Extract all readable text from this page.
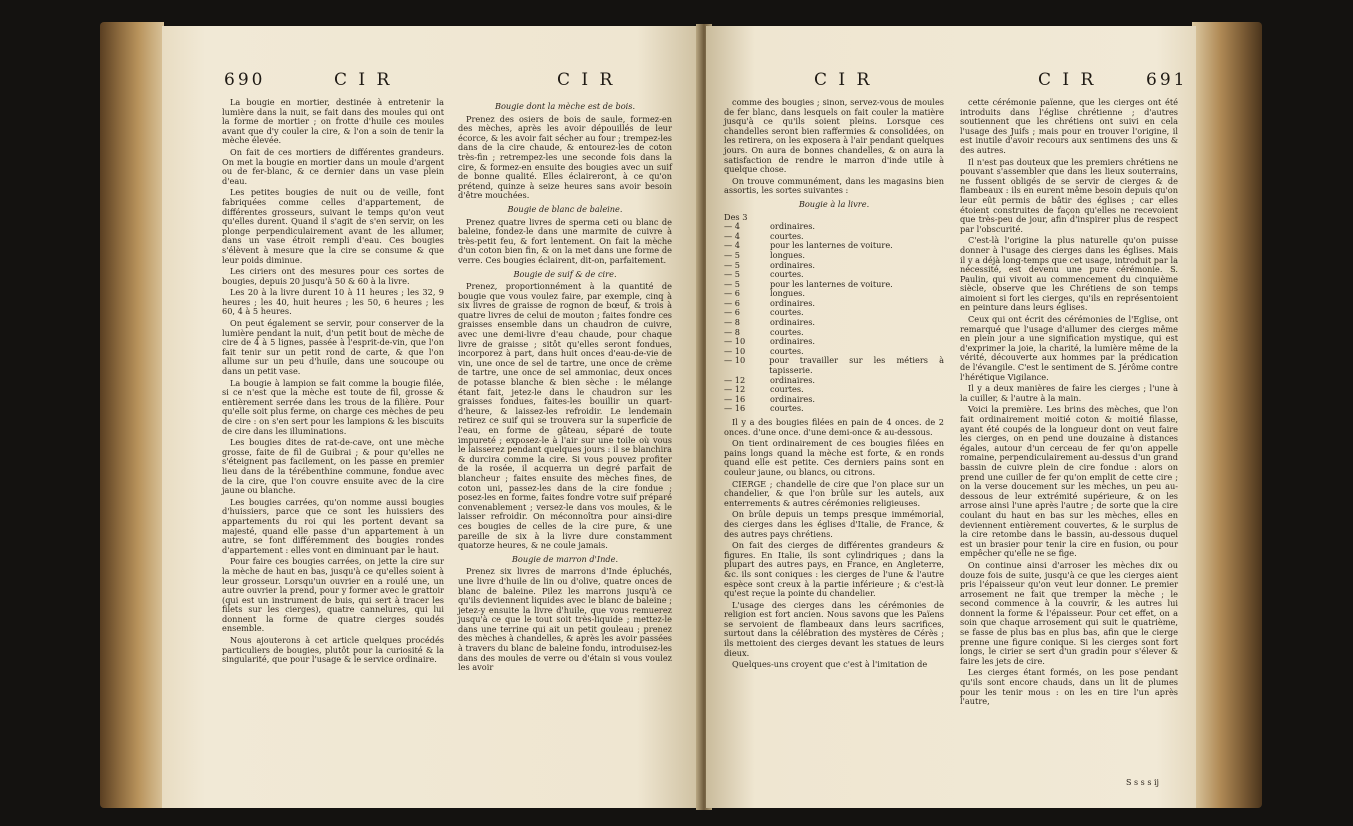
690	C I R	C I R

La bougie en mortier, destinée à entretenir la lumière dans la nuit, se fait dans des moules qui ont la forme de mortier ; on frotte d'huile ces moules avant que d'y couler la cire, & l'on a soin de tenir la mèche élevée.

On fait de ces mortiers de différentes grandeurs. On met la bougie en mortier dans un moule d'argent ou de fer-blanc, & ce dernier dans un vase plein d'eau.

Les petites bougies de nuit ou de veille, font fabriquées comme celles d'appartement, de différentes grosseurs, suivant le temps qu'on veut qu'elles durent. Quand il s'agit de s'en servir, on les plonge perpendiculairement avant de les allumer, dans un vase étroit rempli d'eau. Ces bougies s'élèvent à mesure que la cire se consume & que leur poids diminue.

Les ciriers ont des mesures pour ces sortes de bougies, depuis 20 jusqu'à 50 & 60 à la livre.

Les 20 à la livre durent 10 à 11 heures ; les 32, 9 heures ; les 40, huit heures ; les 50, 6 heures ; les 60, 4 à 5 heures.

On peut également se servir, pour conserver de la lumière pendant la nuit, d'un petit bout de mèche de cire de 4 à 5 lignes, passée à l'esprit-de-vin, que l'on fait tenir sur un petit rond de carte, & que l'on allume sur un peu d'huile, dans une soucoupe ou dans un petit vase.

La bougie à lampion se fait comme la bougie filée, si ce n'est que la mèche est toute de fil, grosse & entièrement serrée dans les trous de la filière. Pour qu'elle soit plus ferme, on charge ces mèches de peu de cire : on s'en sert pour les lampions & les biscuits de cire dans les illuminations.

Les bougies dites de rat-de-cave, ont une mèche grosse, faite de fil de Guibrai ; & pour qu'elles ne s'éteignent pas facilement, on les passe en premier lieu dans de la térébenthine commune, fondue avec de la cire, que l'on couvre ensuite avec de la cire jaune ou blanche.

Les bougies carrées, qu'on nomme aussi bougies d'huissiers, parce que ce sont les huissiers des appartements du roi qui les portent devant sa majesté, quand elle passe d'un appartement à un autre, se font différemment des bougies rondes d'appartement : elles vont en diminuant par le haut.

Pour faire ces bougies carrées, on jette la cire sur la mèche de haut en bas, jusqu'à ce qu'elles soient à leur grosseur. Lorsqu'un ouvrier en a roulé une, un autre ouvrier la prend, pour y former avec le grattoir (qui est un instrument de buis, qui sert à tracer les filets sur les cierges), quatre cannelures, qui lui donnent la forme de quatre cierges soudés ensemble.

Nous ajouterons à cet article quelques procédés particuliers de bougies, plutôt pour la curiosité & la singularité, que pour l'usage & le service ordinaire.

Bougie dont la mèche est de bois.

Prenez des osiers de bois de saule, formez-en des mèches, après les avoir dépouillés de leur écorce, & les avoir fait sécher au four ; trempez-les dans de la cire chaude, & entourez-les de coton très-fin ; retrempez-les une seconde fois dans la cire, & formez-en ensuite des bougies avec un suif de bonne qualité. Elles éclaireront, à ce qu'on prétend, quinze à seize heures sans avoir besoin d'être mouchées.

Bougie de blanc de baleine.

Prenez quatre livres de sperma ceti ou blanc de baleine, fondez-le dans une marmite de cuivre à très-petit feu, & fort lentement. On fait la mèche d'un coton bien fin, & on la met dans une forme de verre. Ces bougies éclairent, dit-on, parfaitement.

Bougie de suif & de cire.

Prenez, proportionnément à la quantité de bougie que vous voulez faire, par exemple, cinq à six livres de graisse de rognon de bœuf, & trois à quatre livres de celui de mouton ; faites fondre ces graisses ensemble dans un chaudron de cuivre, avec une demi-livre d'eau chaude, pour chaque livre de graisse ; sitôt qu'elles seront fondues, incorporez à part, dans huit onces d'eau-de-vie de vin, une once de sel de tartre, une once de crème de tartre, une once de sel ammoniac, deux onces de potasse blanche & bien sèche : le mélange étant fait, jetez-le dans le chaudron sur les graisses fondues, faites-les bouillir un quart-d'heure, & laissez-les refroidir. Le lendemain retirez ce suif qui se trouvera sur la superficie de l'eau, en forme de gâteau, séparé de toute impureté ; exposez-le à l'air sur une toile où vous le laisserez pendant quelques jours : il se blanchira & durcira comme la cire. Si vous pouvez profiter de la rosée, il acquerra un degré parfait de blancheur ; faites ensuite des mèches fines, de coton uni, passez-les dans de la cire fondue ; posez-les en forme, faites fondre votre suif préparé convenablement ; versez-le dans vos moules, & le laisser refroidir. On méconnoîtra pour ainsi-dire ces bougies de celles de la cire pure, & une pareille de six à la livre dure constamment quatorze heures, & ne coule jamais.

Bougie de marron d'Inde.

Prenez six livres de marrons d'Inde épluchés, une livre d'huile de lin ou d'olive, quatre onces de blanc de baleine. Pilez les marrons jusqu'à ce qu'ils deviennent liquides avec le blanc de baleine ; jetez-y ensuite la livre d'huile, que vous remuerez jusqu'à ce que le tout soit très-liquide ; mettez-le dans une terrine qui ait un petit gouleau ; prenez des mèches à chandelles, & après les avoir passées à travers du blanc de baleine fondu, introduisez-les dans des moules de verre ou d'étain si vous voulez les avoir

C I R	C I R	691

comme des bougies ; sinon, servez-vous de moules de fer blanc, dans lesquels on fait couler la matière jusqu'à ce qu'ils soient pleins. Lorsque ces chandelles seront bien raffermies & consolidées, on les retirera, on les exposera à l'air pendant quelques jours. On aura de bonnes chandelles, & on aura la satisfaction de rendre le marron d'inde utile à quelque chose.

On trouve communément, dans les magasins bien assortis, les sortes suivantes :

Bougie à la livre.

Des 3
— 4	ordinaires.
— 4	courtes.
— 4	pour les lanternes de voiture.
— 5	longues.
— 5	ordinaires.
— 5	courtes.
— 5	pour les lanternes de voiture.
— 6	longues.
— 6	ordinaires.
— 6	courtes.
— 8	ordinaires.
— 8	courtes.
— 10	ordinaires.
— 10	courtes.
— 10	pour travailler sur les métiers à tapisserie.
— 12	ordinaires.
— 12	courtes.
— 16	ordinaires.
— 16	courtes.

Il y a des bougies filées en pain de 4 onces. de 2 onces. d'une once. d'une demi-once & au-dessous.

On tient ordinairement de ces bougies filées en pains longs quand la mèche est forte, & en ronds quand elle est petite. Ces derniers pains sont en couleur jaune, ou blancs, ou citrons.

CIERGE ; chandelle de cire que l'on place sur un chandelier, & que l'on brûle sur les autels, aux enterrements & autres cérémonies religieuses.

On brûle depuis un temps presque immémorial, des cierges dans les églises d'Italie, de France, & des autres pays chrétiens.

On fait des cierges de différentes grandeurs & figures. En Italie, ils sont cylindriques ; dans la plupart des autres pays, en France, en Angleterre, &c. ils sont coniques : les cierges de l'une & l'autre espèce sont creux à la partie inférieure ; & c'est-là qu'est reçue la pointe du chandelier.

L'usage des cierges dans les cérémonies de religion est fort ancien. Nous savons que les Païens se servoient de flambeaux dans leurs sacrifices, surtout dans la célébration des mystères de Cérès ; ils mettoient des cierges devant les statues de leurs dieux.

Quelques-uns croyent que c'est à l'imitation de

cette cérémonie païenne, que les cierges ont été introduits dans l'église chrétienne ; d'autres soutiennent que les chrétiens ont suivi en cela l'usage des Juifs ; mais pour en trouver l'origine, il est inutile d'avoir recours aux sentimens des uns & des autres.

Il n'est pas douteux que les premiers chrétiens ne pouvant s'assembler que dans les lieux souterrains, ne fussent obligés de se servir de cierges & de flambeaux : ils en eurent même besoin depuis qu'on leur eût permis de bâtir des églises ; car elles étoient construites de façon qu'elles ne recevoient que très-peu de jour, afin d'inspirer plus de respect par l'obscurité.

C'est-là l'origine la plus naturelle qu'on puisse donner à l'usage des cierges dans les églises. Mais il y a déjà long-temps que cet usage, introduit par la nécessité, est devenu une pure cérémonie. S. Paulin, qui vivoit au commencement du cinquième siècle, observe que les Chrétiens de son temps aimoient si fort les cierges, qu'ils en représentoient en peinture dans leurs églises.

Ceux qui ont écrit des cérémonies de l'Eglise, ont remarqué que l'usage d'allumer des cierges même en plein jour a une signification mystique, qui est d'exprimer la joie, la charité, la lumière même de la vérité, découverte aux hommes par la prédication de l'évangile. C'est le sentiment de S. Jérôme contre l'hérétique Vigilance.

Il y a deux manières de faire les cierges ; l'une à la cuiller, & l'autre à la main.

Voici la première. Les brins des mèches, que l'on fait ordinairement moitié coton & moitié filasse, ayant été coupés de la longueur dont on veut faire les cierges, on en pend une douzaine à distances égales, autour d'un cerceau de fer qu'on appelle romaine, perpendiculairement au-dessus d'un grand bassin de cuivre plein de cire fondue : alors on prend une cuiller de fer qu'on emplit de cette cire ; on la verse doucement sur les mèches, un peu au-dessous de leur extrémité supérieure, & on les arrose ainsi l'une après l'autre ; de sorte que la cire coulant du haut en bas sur les mèches, elles en deviennent entièrement couvertes, & le surplus de la cire retombe dans le bassin, au-dessous duquel est un brasier pour tenir la cire en fusion, ou pour empêcher qu'elle ne se fige.

On continue ainsi d'arroser les mèches dix ou douze fois de suite, jusqu'à ce que les cierges aient pris l'épaisseur qu'on veut leur donner. Le premier arrosement ne fait que tremper la mèche ; le second commence à la couvrir, & les autres lui donnent la forme & l'épaisseur. Pour cet effet, on a soin que chaque arrosement qui suit le quatrième, se fasse de plus bas en plus bas, afin que le cierge prenne une figure conique. Si les cierges sont fort longs, le cirier se sert d'un gradin pour s'élever & faire les jets de cire.

Les cierges étant formés, on les pose pendant qu'ils sont encore chauds, dans un lit de plumes pour les tenir mous : on les en tire l'un après l'autre,

S s s s ij
